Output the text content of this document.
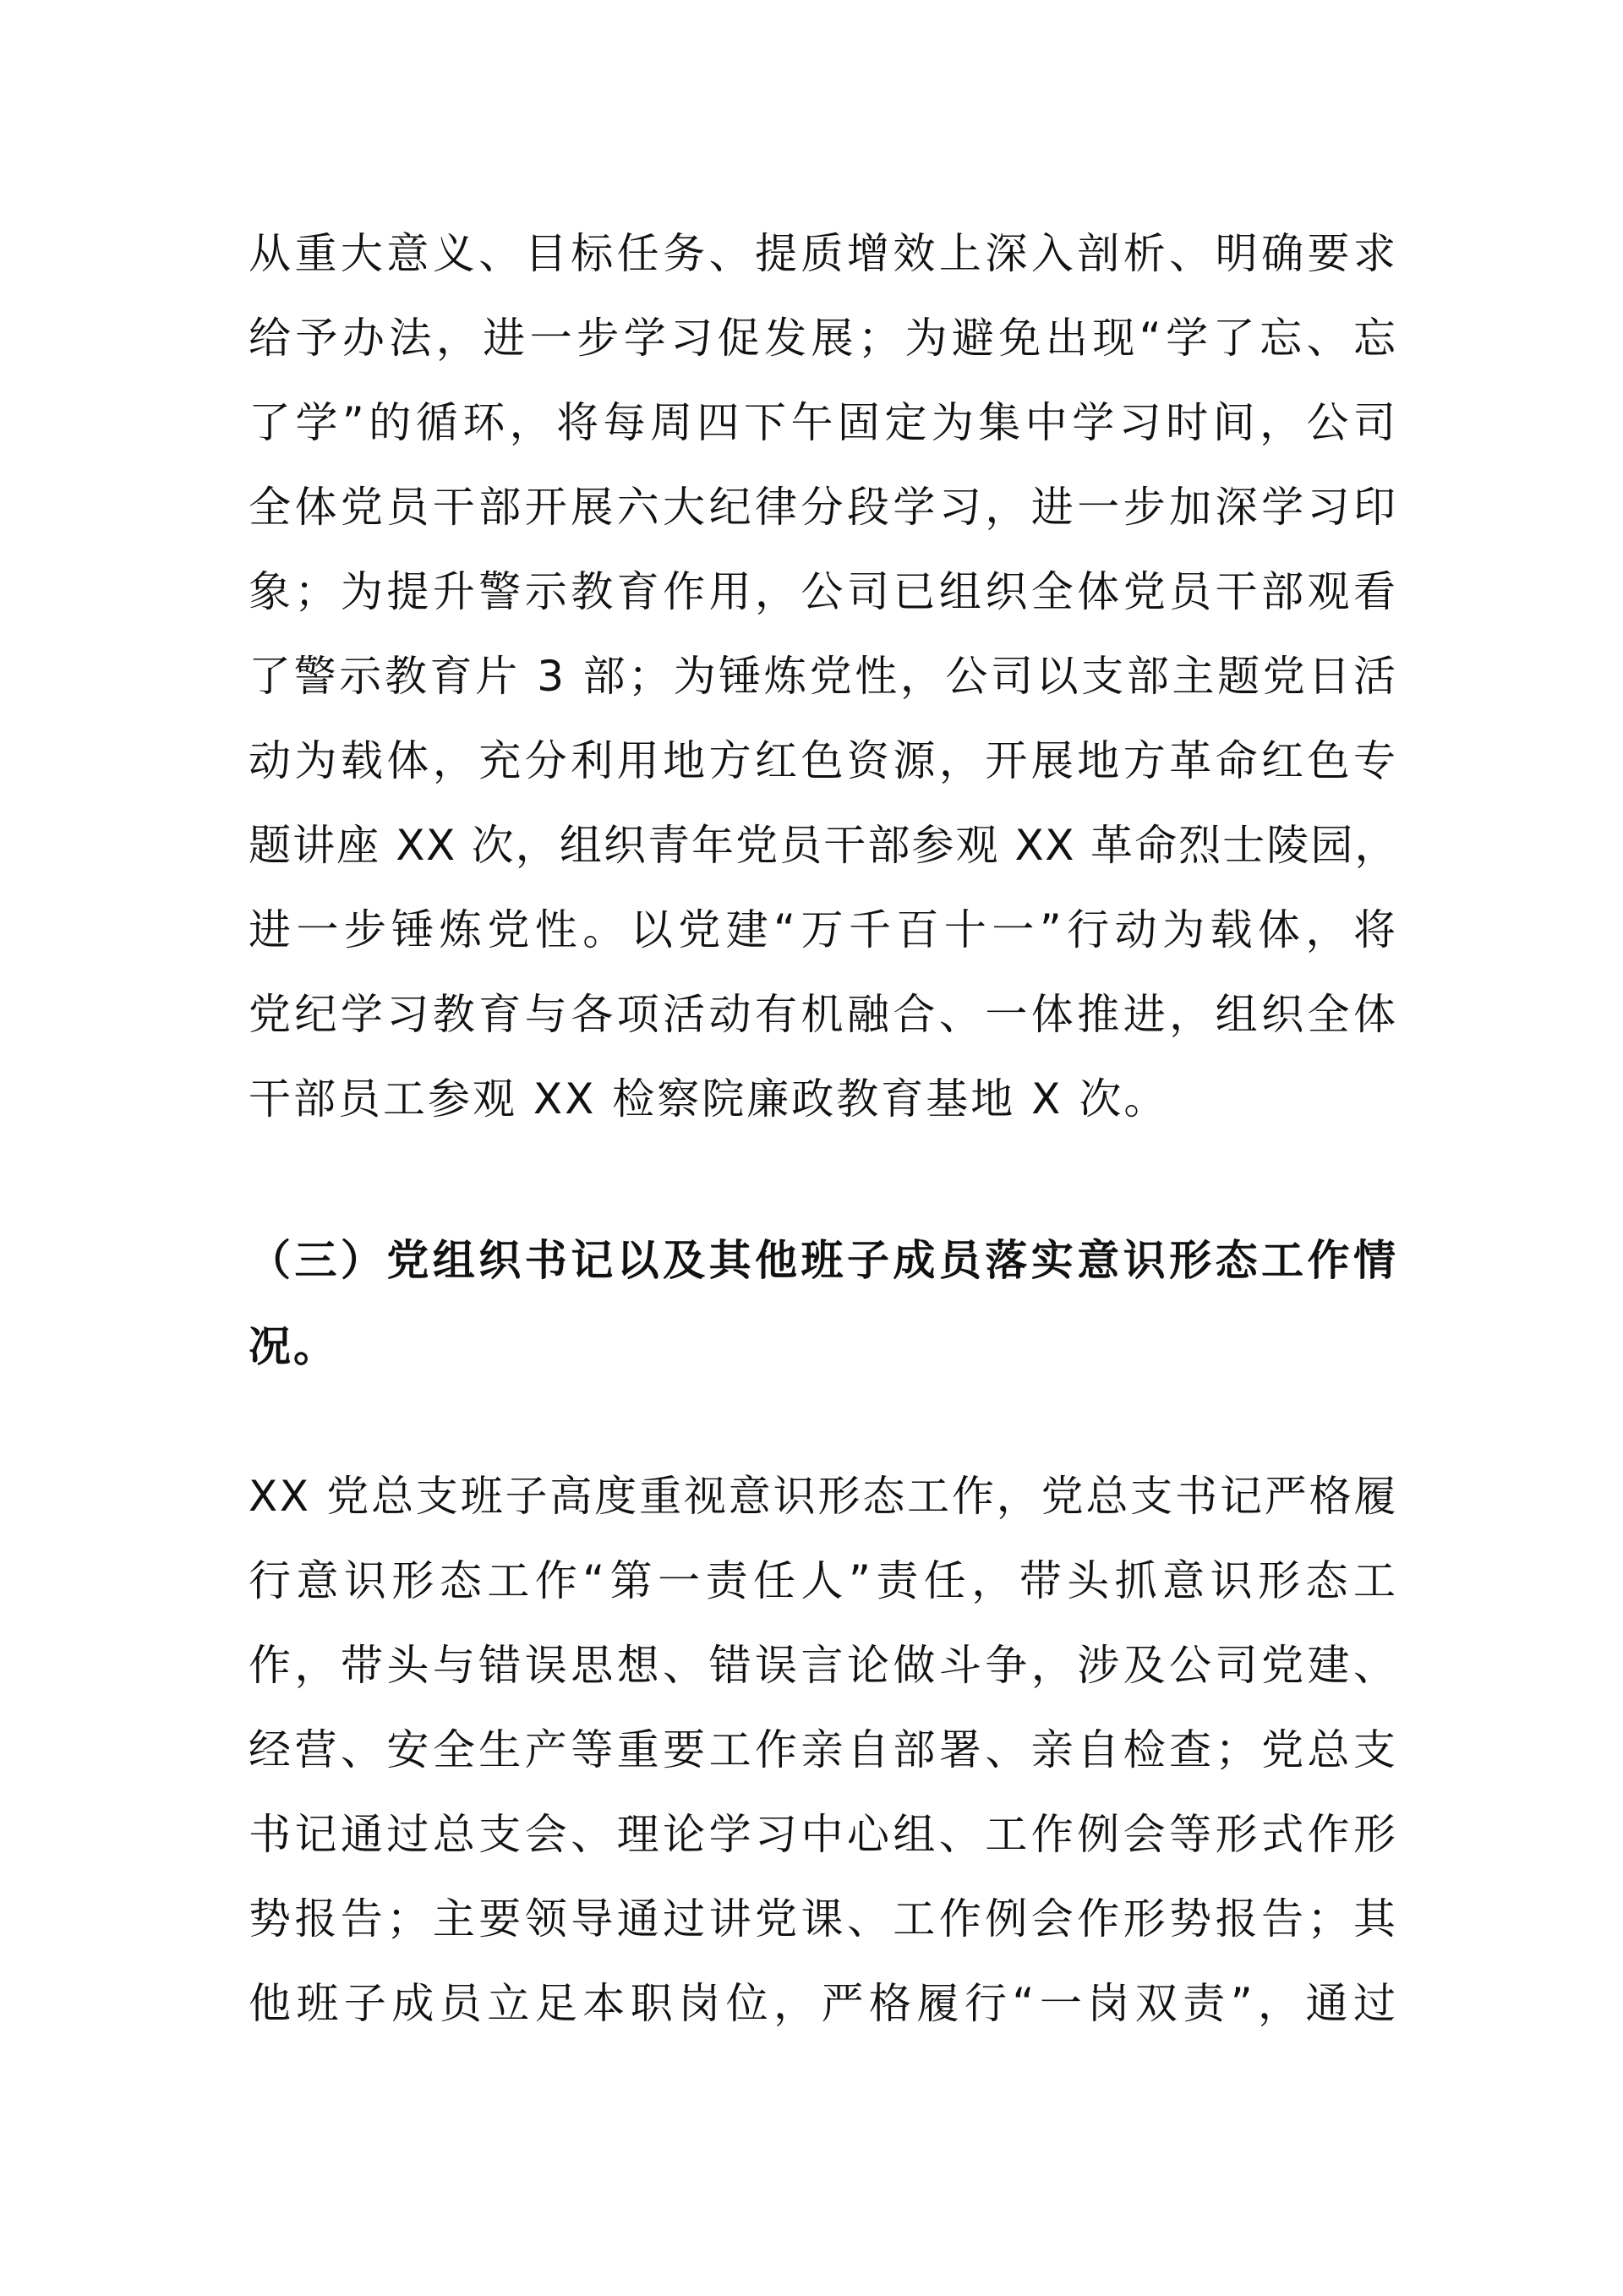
从重大意义、目标任务、提质增效上深入剖析、明确要求
给予办法，进一步学习促发展；为避免出现“学了忘、忘
了学”的循环，将每周四下午固定为集中学习时间，公司
全体党员干部开展六大纪律分段学习，进一步加深学习印
象；为提升警示教育作用，公司已组织全体党员干部观看
了警示教育片 3 部；为锤炼党性，公司以支部主题党日活
动为载体，充分利用地方红色资源，开展地方革命红色专
题讲座 XX 次，组织青年党员干部参观 XX 革命烈士陵园，
进一步锤炼党性。以党建“万千百十一”行动为载体，将
党纪学习教育与各项活动有机融合、一体推进，组织全体
干部员工参观 XX 检察院廉政教育基地 X 次。
（三）党组织书记以及其他班子成员落实意识形态工作情
况。
XX 党总支班子高度重视意识形态工作，党总支书记严格履
行意识形态工作“第一责任人”责任，带头抓意识形态工
作，带头与错误思想、错误言论做斗争，涉及公司党建、
经营、安全生产等重要工作亲自部署、亲自检查；党总支
书记通过总支会、理论学习中心组、工作例会等形式作形
势报告；主要领导通过讲党课、工作例会作形势报告；其
他班子成员立足本职岗位，严格履行“一岗双责”，通过
